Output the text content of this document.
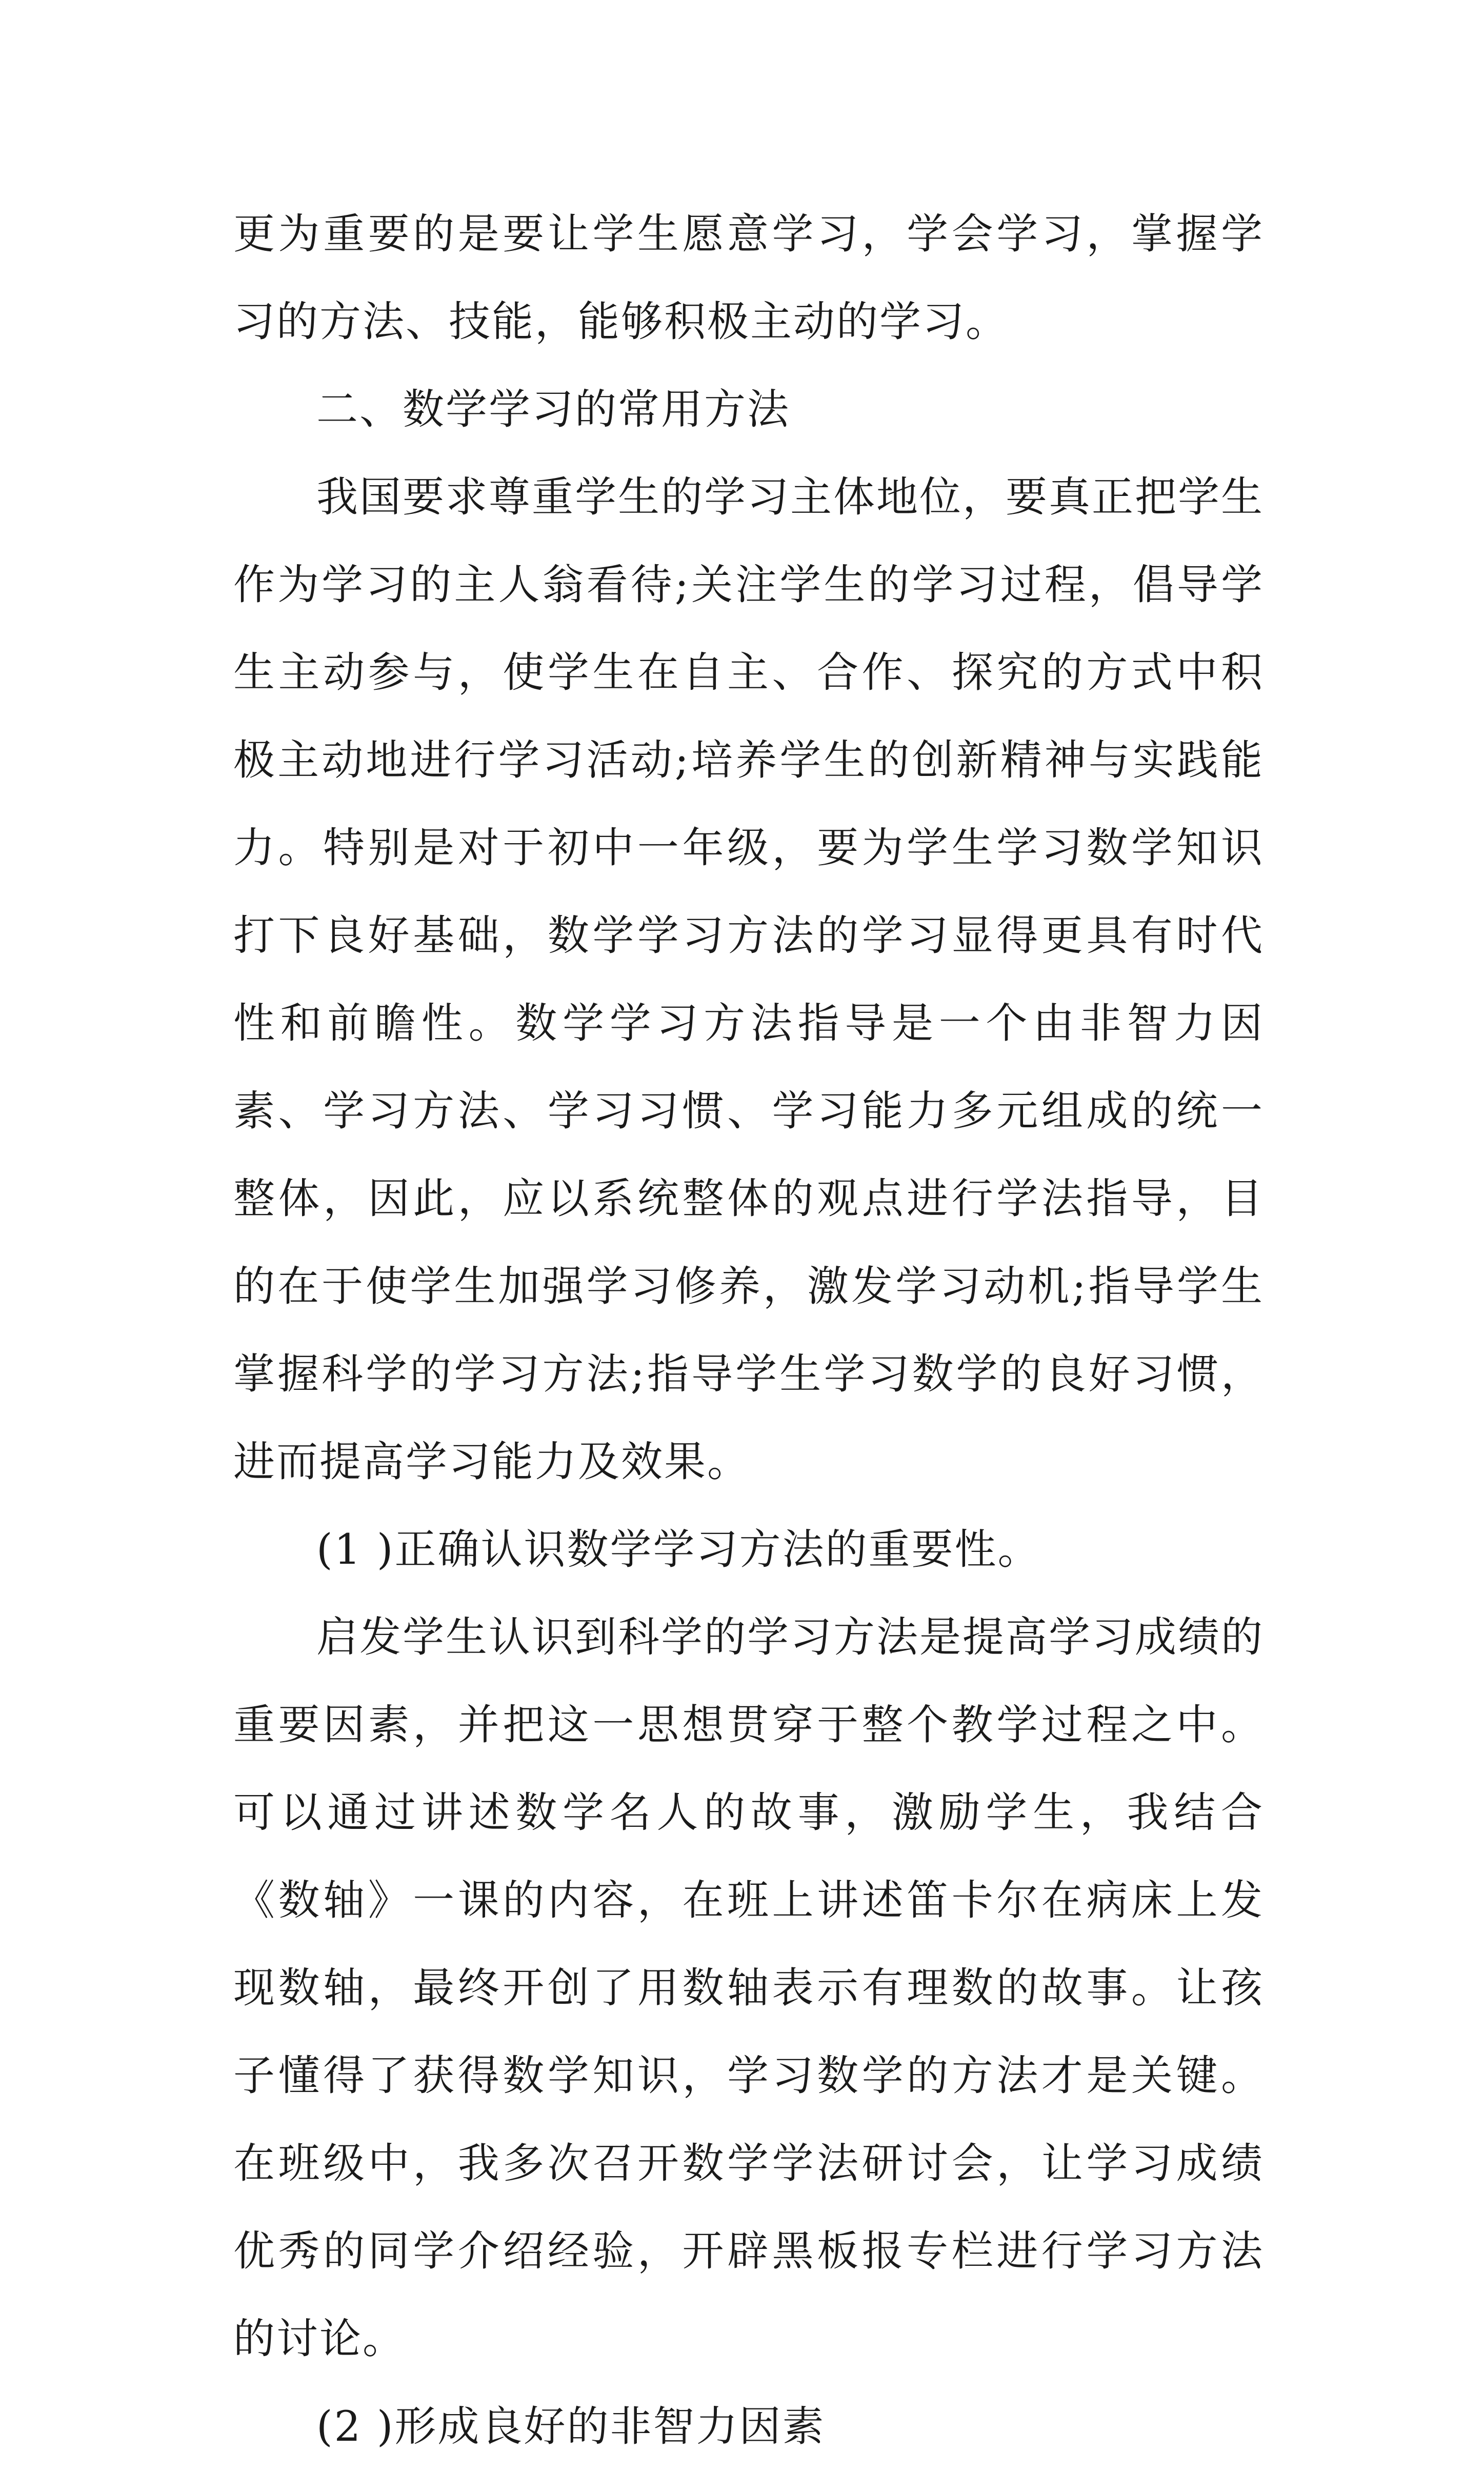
更为重要的是要让学生愿意学习，学会学习，掌握学习的方法、技能，能够积极主动的学习。

二、数学学习的常用方法

我国要求尊重学生的学习主体地位，要真正把学生作为学习的主人翁看待;关注学生的学习过程，倡导学生主动参与，使学生在自主、合作、探究的方式中积极主动地进行学习活动;培养学生的创新精神与实践能力。特别是对于初中一年级，要为学生学习数学知识打下良好基础，数学学习方法的学习显得更具有时代性和前瞻性。数学学习方法指导是一个由非智力因素、学习方法、学习习惯、学习能力多元组成的统一整体，因此，应以系统整体的观点进行学法指导，目的在于使学生加强学习修养，激发学习动机;指导学生掌握科学的学习方法;指导学生学习数学的良好习惯，进而提高学习能力及效果。

(1 )正确认识数学学习方法的重要性。

启发学生认识到科学的学习方法是提高学习成绩的重要因素，并把这一思想贯穿于整个教学过程之中。可以通过讲述数学名人的故事，激励学生，我结合《数轴》一课的内容，在班上讲述笛卡尔在病床上发现数轴，最终开创了用数轴表示有理数的故事。让孩子懂得了获得数学知识，学习数学的方法才是关键。在班级中，我多次召开数学学法研讨会，让学习成绩优秀的同学介绍经验，开辟黑板报专栏进行学习方法的讨论。

(2 )形成良好的非智力因素
